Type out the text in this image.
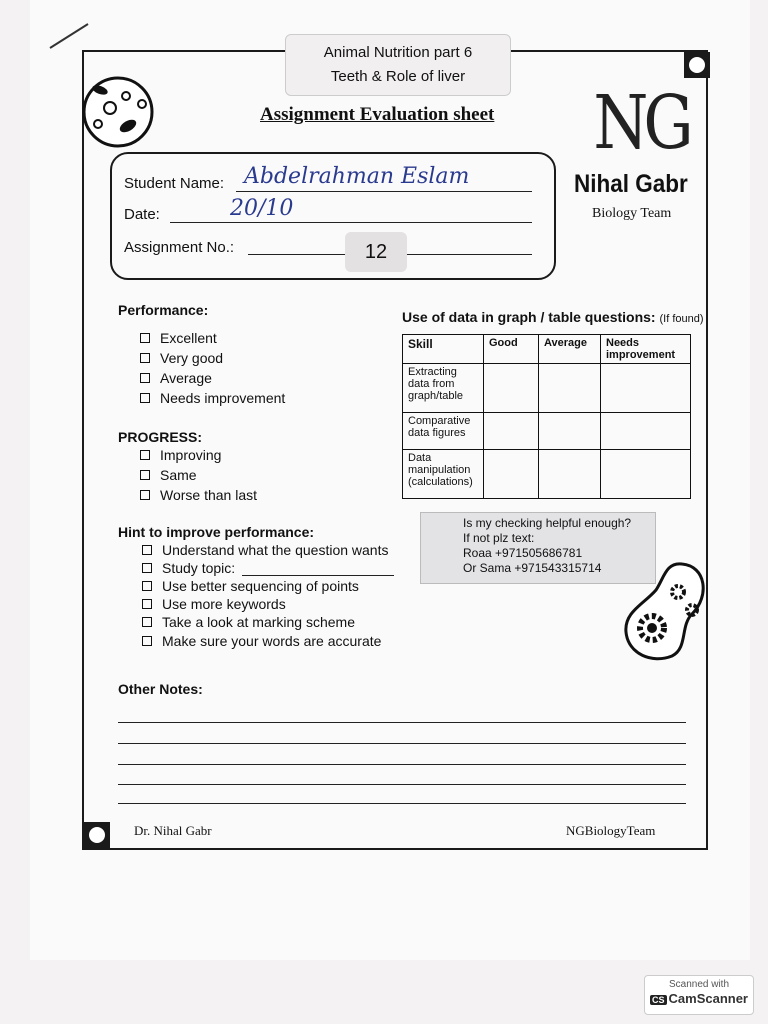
Animal Nutrition part 6
Teeth & Role of liver
Assignment Evaluation sheet NG
Nihal Gabr
Biology Team
Student Name: Abdelrahman Eslam
Date:	20/10
Assignment No.:	12
Performance:
Excellent
Very good
Average
Needs improvement
PROGRESS:
Improving
Same
Worse than last
Hint to improve performance:
Understand what the question wants
Study topic:
Use better sequencing of points
Use more keywords
Take a look at marking scheme
Make sure your words are accurate
Use of data in graph / table questions: (If found)
Skill	Good	Average	Needs improvement
Extracting data from graph/table			
Comparative data figures			
Data manipulation (calculations)			
Is my checking helpful enough?
If not plz text:
Roaa +971505686781
Or Sama +971543315714
Other Notes:
Dr. Nihal Gabr	NGBiologyTeam
Scanned with
CS CamScanner
